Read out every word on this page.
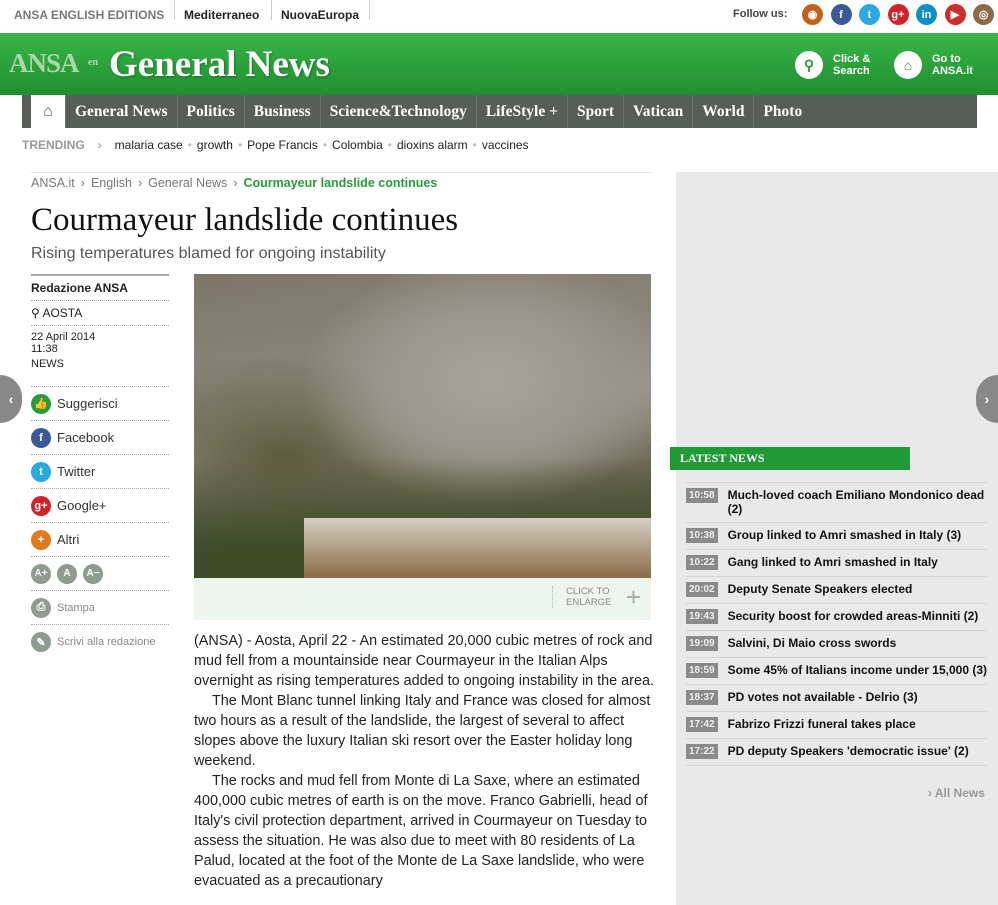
ANSA ENGLISH EDITIONS Mediterraneo NuovaEuropa	Follow us:	◉	f	t	g+	in	▶	◎
ANSA en General News	⚲	Click &
Search	⌂	Go to
ANSA.it
⌂	General News	Politics	Business	Science&Technology	LifeStyle +	Sport	Vatican	World	Photo
TRENDING › malaria case • growth • Pope Francis • Colombia • dioxins alarm • vaccines
ANSA.it › English › General News › Courmayeur landslide continues
Courmayeur landslide continues
Rising temperatures blamed for ongoing instability
Redazione ANSA
⚲ AOSTA
22 April 2014
11:38
NEWS
👍 Suggerisci
f	Facebook
t	Twitter
g+ Google+
+ Altri
A+	A	A−
⎙	Stampa
✎	Scrivi alla redazione
CLICK TO
ENLARGE +

(ANSA) - Aosta, April 22 - An estimated 20,000 cubic metres of rock and mud fell from a mountainside near Courmayeur in the Italian Alps overnight as rising temperatures added to ongoing instability in the area.

The Mont Blanc tunnel linking Italy and France was closed for almost two hours as a result of the landslide, the largest of several to affect slopes above the luxury Italian ski resort over the Easter holiday long weekend.

The rocks and mud fell from Monte di La Saxe, where an estimated 400,000 cubic metres of earth is on the move. Franco Gabrielli, head of Italy's civil protection department, arrived in Courmayeur on Tuesday to assess the situation. He was also due to meet with 80 residents of La Palud, located at the foot of the Monte de La Saxe landslide, who were evacuated as a precautionary

LATEST NEWS
10:58 Much-loved coach Emiliano Mondonico dead (2)
10:38 Group linked to Amri smashed in Italy (3)
10:22 Gang linked to Amri smashed in Italy
20:02 Deputy Senate Speakers elected
19:43 Security boost for crowded areas-Minniti (2)
19:09 Salvini, Di Maio cross swords
18:59 Some 45% of Italians income under 15,000 (3)
18:37 PD votes not available - Delrio (3)
17:42 Fabrizo Frizzi funeral takes place
17:22 PD deputy Speakers 'democratic issue' (2)
› All News
‹	›
